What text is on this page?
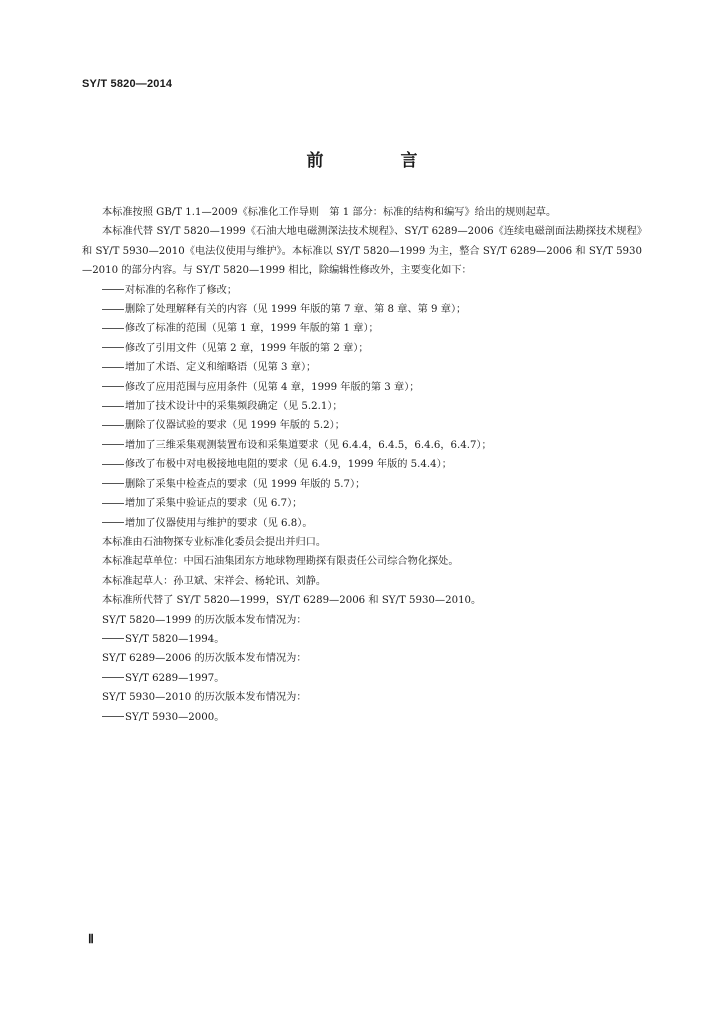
SY/T 5820—2014
前　言

本标准按照 GB/T 1.1—2009《标准化工作导则　第 1 部分：标准的结构和编写》给出的规则起草。

本标准代替 SY/T 5820—1999《石油大地电磁测深法技术规程》、SY/T 6289—2006《连续电磁剖面法勘探技术规程》和 SY/T 5930—2010《电法仪使用与维护》。本标准以 SY/T 5820—1999 为主，整合 SY/T 6289—2006 和 SY/T 5930—2010 的部分内容。与 SY/T 5820—1999 相比，除编辑性修改外，主要变化如下：

对标准的名称作了修改；

删除了处理解释有关的内容（见 1999 年版的第 7 章、第 8 章、第 9 章）；

修改了标准的范围（见第 1 章，1999 年版的第 1 章）；

修改了引用文件（见第 2 章，1999 年版的第 2 章）；

增加了术语、定义和缩略语（见第 3 章）；

修改了应用范围与应用条件（见第 4 章，1999 年版的第 3 章）；

增加了技术设计中的采集频段确定（见 5.2.1）；

删除了仪器试验的要求（见 1999 年版的 5.2）；

增加了三维采集观测装置布设和采集道要求（见 6.4.4，6.4.5，6.4.6，6.4.7）；

修改了布极中对电极接地电阻的要求（见 6.4.9，1999 年版的 5.4.4）；

删除了采集中检查点的要求（见 1999 年版的 5.7）；

增加了采集中验证点的要求（见 6.7）；

增加了仪器使用与维护的要求（见 6.8）。

本标准由石油物探专业标准化委员会提出并归口。

本标准起草单位：中国石油集团东方地球物理勘探有限责任公司综合物化探处。

本标准起草人：孙卫斌、宋祥会、杨轮讯、刘静。

本标准所代替了 SY/T 5820—1999，SY/T 6289—2006 和 SY/T 5930—2010。

SY/T 5820—1999 的历次版本发布情况为：

SY/T 5820—1994。

SY/T 6289—2006 的历次版本发布情况为：

SY/T 6289—1997。

SY/T 5930—2010 的历次版本发布情况为：

SY/T 5930—2000。

Ⅱ
